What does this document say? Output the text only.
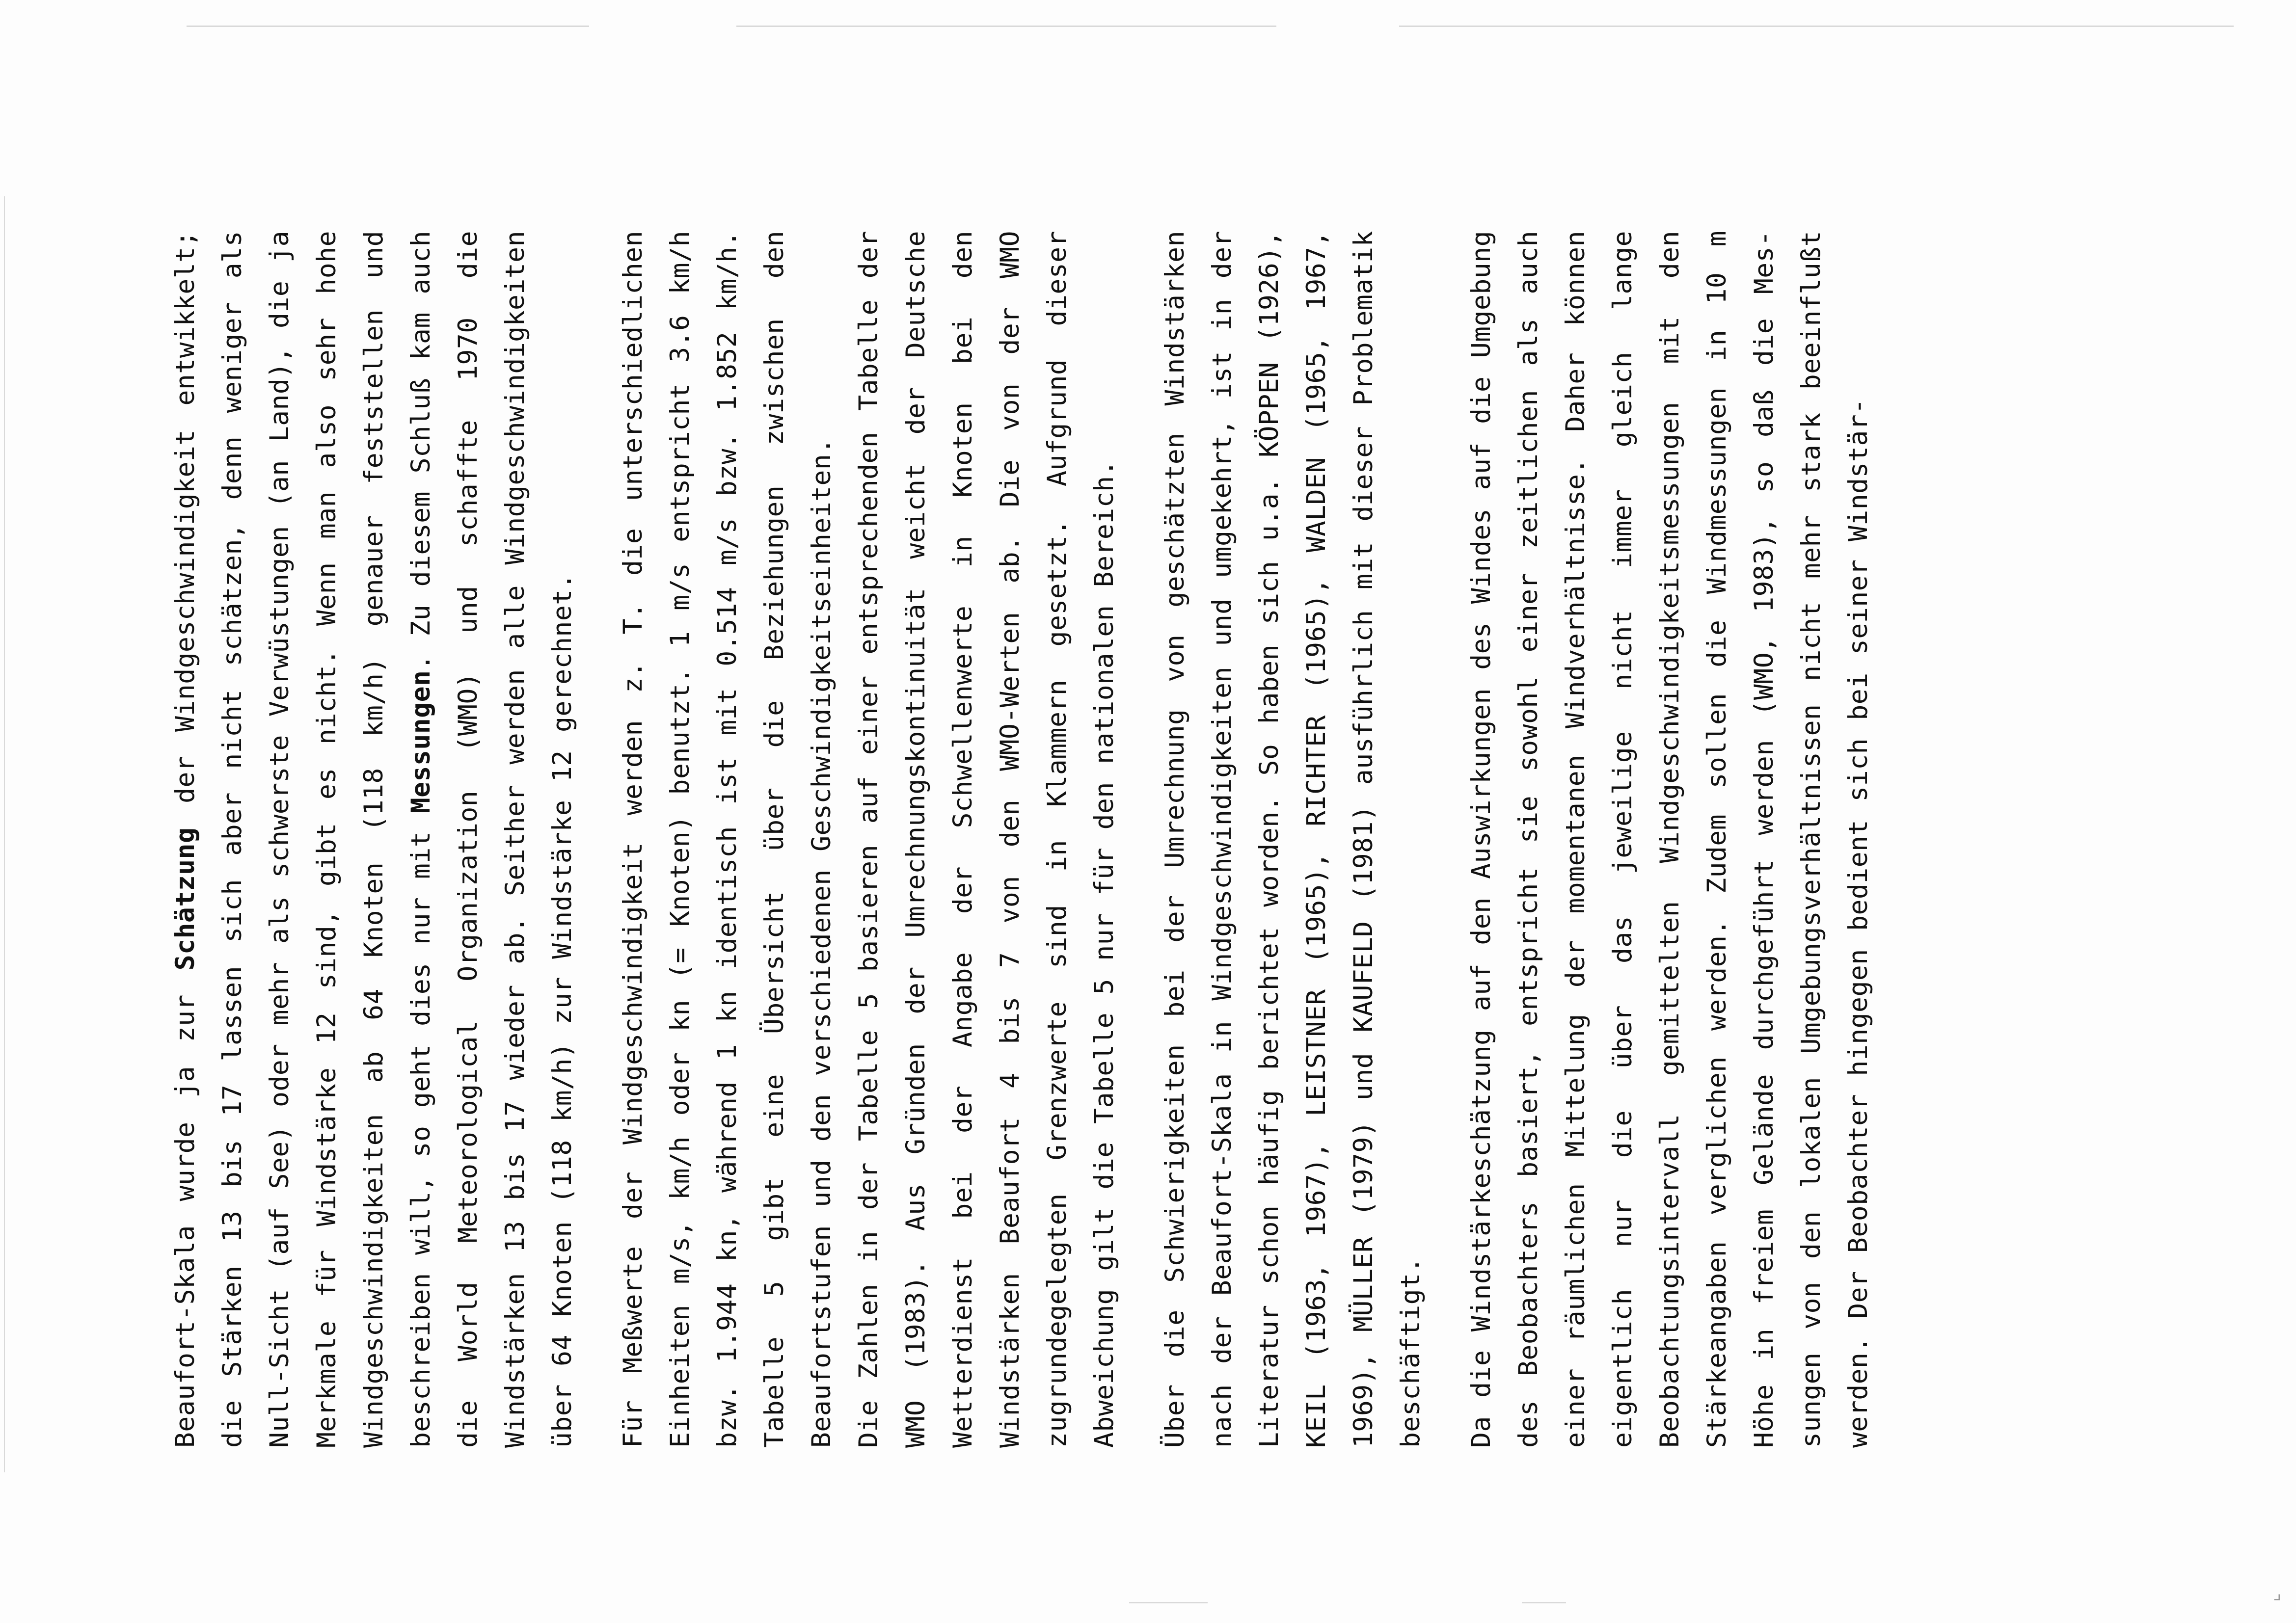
⌟

Beaufort-Skala wurde ja zur Schätzung der Windgeschwindigkeit entwikkelt; die Stärken 13 bis 17 lassen sich aber nicht schätzen, denn weniger als Null-Sicht (auf See) oder mehr als schwerste Verwüstungen (an Land), die ja Merkmale für Windstärke 12 sind, gibt es nicht. Wenn man also sehr hohe Windgeschwindigkeiten ab 64 Knoten (118 km/h) genauer feststellen und beschreiben will, so geht dies nur mit Messungen. Zu diesem Schluß kam auch die World Meteorological Organization (WMO) und schaffte 1970 die Windstärken 13 bis 17 wieder ab. Seither werden alle Windgeschwindigkeiten über 64 Knoten (118 km/h) zur Windstärke 12 gerechnet.	Für Meßwerte der Windgeschwindigkeit werden z. T. die unterschiedlichen Einheiten m/s, km/h oder kn (= Knoten) benutzt. 1 m/s entspricht 3.6 km/h bzw. 1.944 kn, während 1 kn identisch ist mit 0.514 m/s bzw. 1.852 km/h. Tabelle 5 gibt eine Übersicht über die Beziehungen zwischen den Beaufortstufen und den verschiedenen Geschwindigkeitseinheiten. Die Zahlen in der Tabelle 5 basieren auf einer entsprechenden Tabelle der WMO (1983). Aus Gründen der Umrechnungskontinuität weicht der Deutsche Wetterdienst bei der Angabe der Schwellenwerte in Knoten bei den Windstärken Beaufort 4 bis 7 von den WMO-Werten ab. Die von der WMO zugrundegelegten Grenzwerte sind in Klammern gesetzt. Aufgrund dieser Abweichung gilt die Tabelle 5 nur für den nationalen Bereich.	Über die Schwierigkeiten bei der Umrechnung von geschätzten Windstärken nach der Beaufort-Skala in Windgeschwindigkeiten und umgekehrt, ist in der Literatur schon häufig berichtet worden. So haben sich u.a. KÖPPEN (1926), KEIL (1963, 1967), LEISTNER (1965), RICHTER (1965), WALDEN (1965, 1967, 1969), MÜLLER (1979) und KAUFELD (1981) ausführlich mit dieser Problematik beschäftigt.	Da die Windstärkeschätzung auf den Auswirkungen des Windes auf die Umgebung des Beobachters basiert, entspricht sie sowohl einer zeitlichen als auch einer räumlichen Mittelung der momentanen Windverhältnisse. Daher können eigentlich nur die über das jeweilige nicht immer gleich lange Beobachtungsintervall gemittelten Windgeschwindigkeitsmessungen mit den Stärkeangaben verglichen werden. Zudem sollen die Windmessungen in 10 m Höhe in freiem Gelände durchgeführt werden (WMO, 1983), so daß die Messungen von den lokalen Umgebungsverhältnissen nicht mehr stark beeinflußt werden. Der Beobachter hingegen bedient sich bei seiner Windstär-
